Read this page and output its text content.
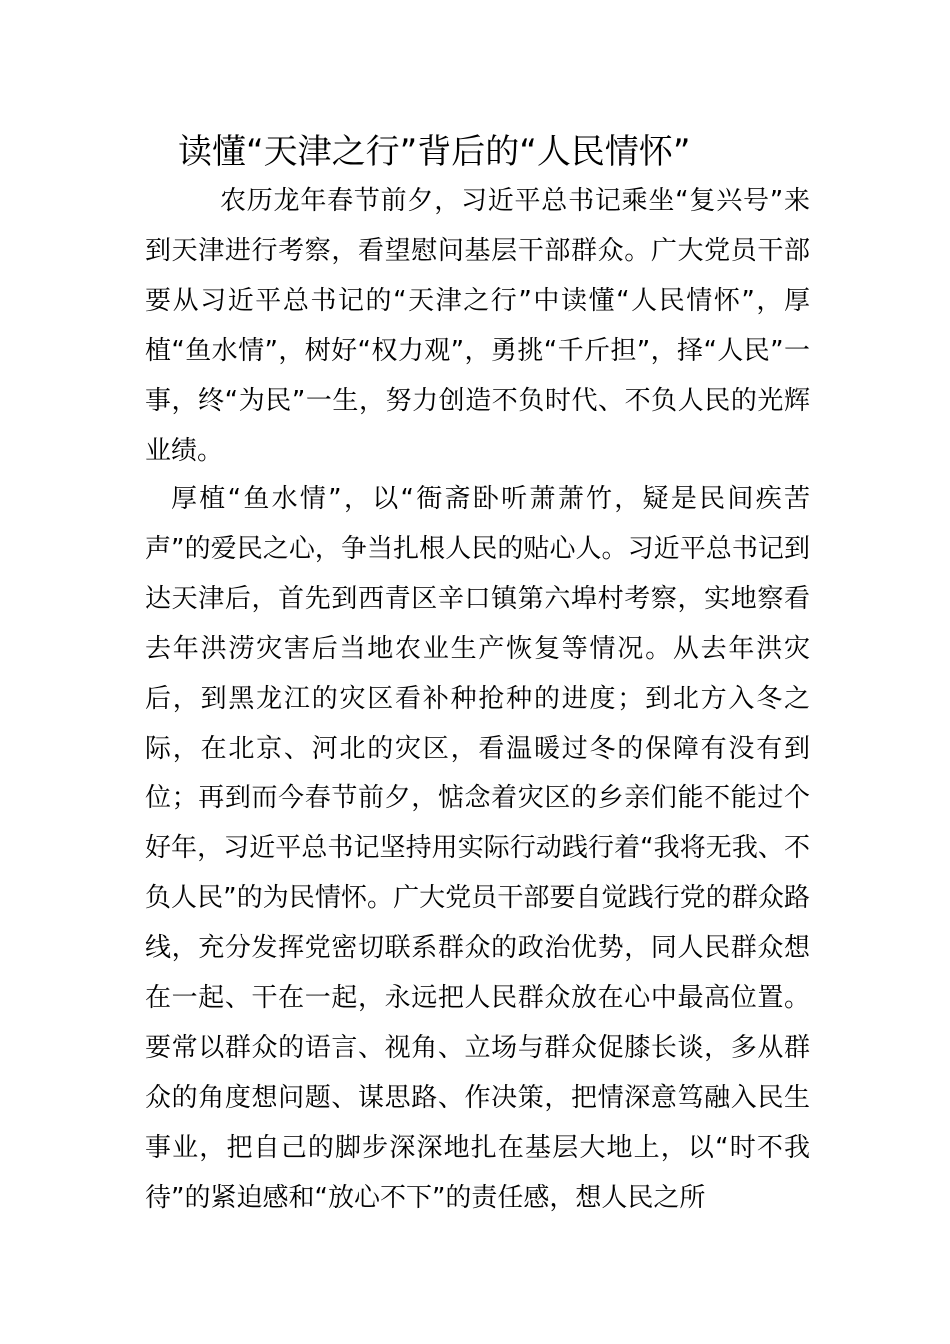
读懂“天津之行”背后的“人民情怀”
农历龙年春节前夕，习近平总书记乘坐“复兴号”来到天津进行考察，看望慰问基层干部群众。广大党员干部要从习近平总书记的“天津之行”中读懂“人民情怀”，厚植“鱼水情”，树好“权力观”，勇挑“千斤担”，择“人民”一事，终“为民”一生，努力创造不负时代、不负人民的光辉业绩。
厚植“鱼水情”，以“衙斋卧听萧萧竹，疑是民间疾苦声”的爱民之心，争当扎根人民的贴心人。习近平总书记到达天津后，首先到西青区辛口镇第六埠村考察，实地察看去年洪涝灾害后当地农业生产恢复等情况。从去年洪灾后，到黑龙江的灾区看补种抢种的进度；到北方入冬之际，在北京、河北的灾区，看温暖过冬的保障有没有到位；再到而今春节前夕，惦念着灾区的乡亲们能不能过个好年，习近平总书记坚持用实际行动践行着“我将无我、不负人民”的为民情怀。广大党员干部要自觉践行党的群众路线，充分发挥党密切联系群众的政治优势，同人民群众想在一起、干在一起，永远把人民群众放在心中最高位置。要常以群众的语言、视角、立场与群众促膝长谈，多从群众的角度想问题、谋思路、作决策，把情深意笃融入民生事业，把自己的脚步深深地扎在基层大地上，以“时不我待”的紧迫感和“放心不下”的责任感，想人民之所
